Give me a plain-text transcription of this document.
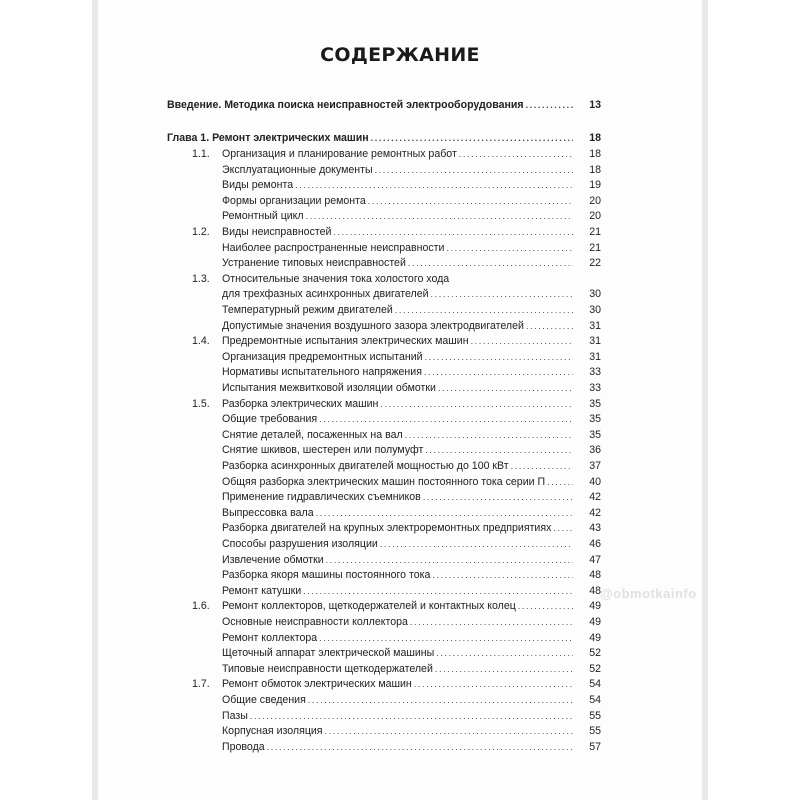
СОДЕРЖАНИЕ
Введение. Методика поиска неисправностей электрооборудования .....	13
Глава 1. Ремонт электрических машин .....	18
1.1.	Организация и планирование ремонтных работ .....	18
Эксплуатационные документы .....	18
Виды ремонта .....	19
Формы организации ремонта .....	20
Ремонтный цикл .....	20
1.2.	Виды неисправностей .....	21
Наиболее распространенные неисправности .....	21
Устранение типовых неисправностей .....	22
1.3.	Относительные значения тока холостого хода
для трехфазных асинхронных двигателей .....	30
Температурный режим двигателей .....	30
Допустимые значения воздушного зазора электродвигателей .....	31
1.4.	Предремонтные испытания электрических машин .....	31
Организация предремонтных испытаний .....	31
Нормативы испытательного напряжения .....	33
Испытания межвитковой изоляции обмотки .....	33
1.5.	Разборка электрических машин .....	35
Общие требования .....	35
Снятие деталей, посаженных на вал .....	35
Снятие шкивов, шестерен или полумуфт .....	36
Разборка асинхронных двигателей мощностью до 100 кВт .....	37
Общяя разборка электрических машин постоянного тока серии П .....	40
Применение гидравлических съемников .....	42
Выпрессовка вала .....	42
Разборка двигателей на крупных электроремонтных предприятиях .....	43
Способы разрушения изоляции .....	46
Извлечение обмотки .....	47
Разборка якоря машины постоянного тока .....	48
Ремонт катушки .....	48
1.6.	Ремонт коллекторов, щеткодержателей и контактных колец .....	49
Основные неисправности коллектора .....	49
Ремонт коллектора .....	49
Щеточный аппарат электрической машины .....	52
Типовые неисправности щеткодержателей .....	52
1.7.	Ремонт обмоток электрических машин .....	54
Общие сведения .....	54
Пазы .....	55
Корпусная изоляция .....	55
Провода .....	57
@obmotkainfo
